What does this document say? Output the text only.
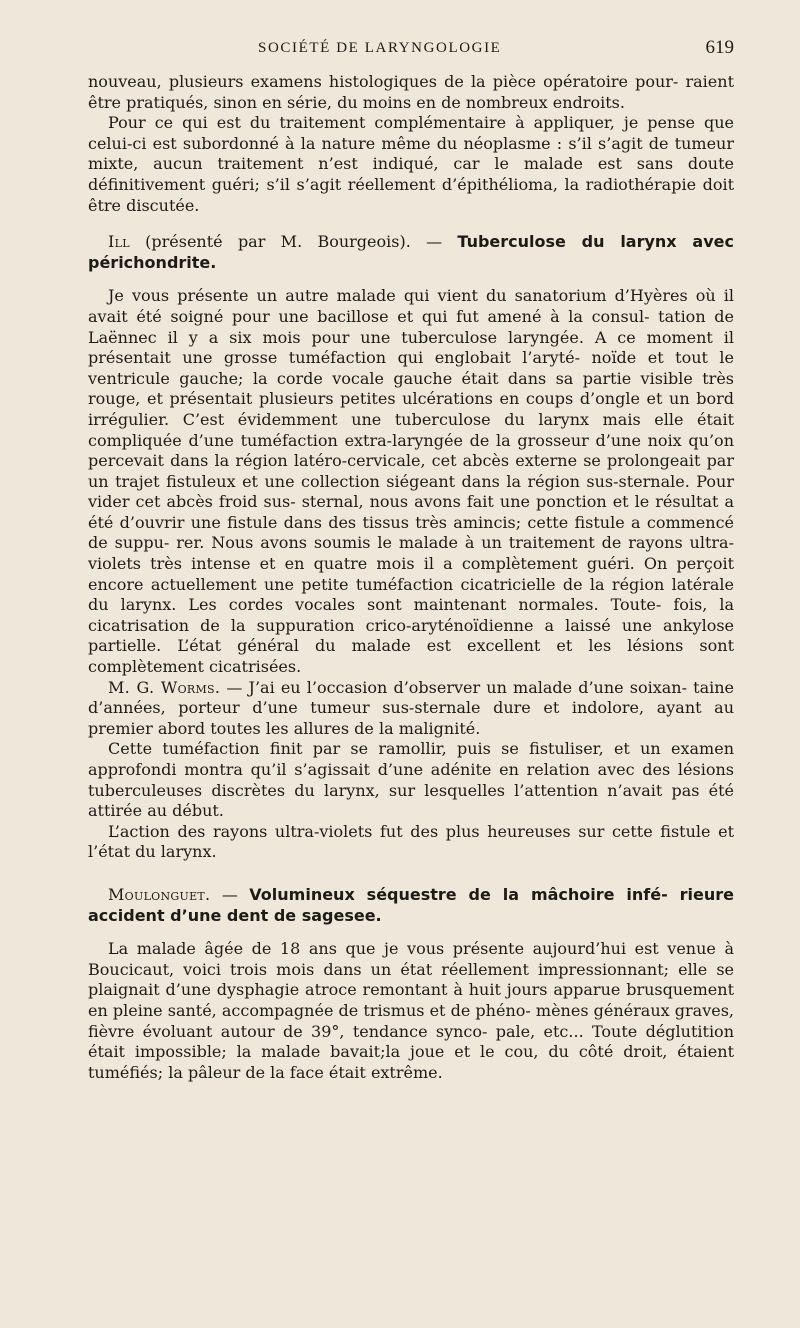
SOCIÉTÉ DE LARYNGOLOGIE	619

nouveau, plusieurs examens histologiques de la pièce opératoire pour- raient être pratiqués, sinon en série, du moins en de nombreux endroits.

Pour ce qui est du traitement complémentaire à appliquer, je pense que celui-ci est subordonné à la nature même du néoplasme : s’il s’agit de tumeur mixte, aucun traitement n’est indiqué, car le malade est sans doute définitivement guéri; s’il s’agit réellement d’épithélioma, la radiothérapie doit être discutée.

Ill (présenté par M. Bourgeois). — Tuberculose du larynx avec périchondrite.

Je vous présente un autre malade qui vient du sanatorium d’Hyères où il avait été soigné pour une bacillose et qui fut amené à la consul- tation de Laënnec il y a six mois pour une tuberculose laryngée. A ce moment il présentait une grosse tuméfaction qui englobait l’aryté- noïde et tout le ventricule gauche; la corde vocale gauche était dans sa partie visible très rouge, et présentait plusieurs petites ulcérations en coups d’ongle et un bord irrégulier. C’est évidemment une tuberculose du larynx mais elle était compliquée d’une tuméfaction extra-laryngée de la grosseur d’une noix qu’on percevait dans la région latéro-cervicale, cet abcès externe se prolongeait par un trajet fistuleux et une collection siégeant dans la région sus-sternale. Pour vider cet abcès froid sus- sternal, nous avons fait une ponction et le résultat a été d’ouvrir une fistule dans des tissus très amincis; cette fistule a commencé de suppu- rer. Nous avons soumis le malade à un traitement de rayons ultra- violets très intense et en quatre mois il a complètement guéri. On perçoit encore actuellement une petite tuméfaction cicatricielle de la région latérale du larynx. Les cordes vocales sont maintenant normales. Toute- fois, la cicatrisation de la suppuration crico-aryténoïdienne a laissé une ankylose partielle. L’état général du malade est excellent et les lésions sont complètement cicatrisées.

M. G. Worms. — J’ai eu l’occasion d’observer un malade d’une soixan- taine d’années, porteur d’une tumeur sus-sternale dure et indolore, ayant au premier abord toutes les allures de la malignité.

Cette tuméfaction finit par se ramollir, puis se fistuliser, et un examen approfondi montra qu’il s’agissait d’une adénite en relation avec des lésions tuberculeuses discrètes du larynx, sur lesquelles l’attention n’avait pas été attirée au début.

L’action des rayons ultra-violets fut des plus heureuses sur cette fistule et l’état du larynx.

Moulonguet. — Volumineux séquestre de la mâchoire infé- rieure accident d’une dent de sagesee.

La malade âgée de 18 ans que je vous présente aujourd’hui est venue à Boucicaut, voici trois mois dans un état réellement impressionnant; elle se plaignait d’une dysphagie atroce remontant à huit jours apparue brusquement en pleine santé, accompagnée de trismus et de phéno- mènes généraux graves, fièvre évoluant autour de 39°, tendance synco- pale, etc... Toute déglutition était impossible; la malade bavait;la joue et le cou, du côté droit, étaient tuméfiés; la pâleur de la face était extrême.
